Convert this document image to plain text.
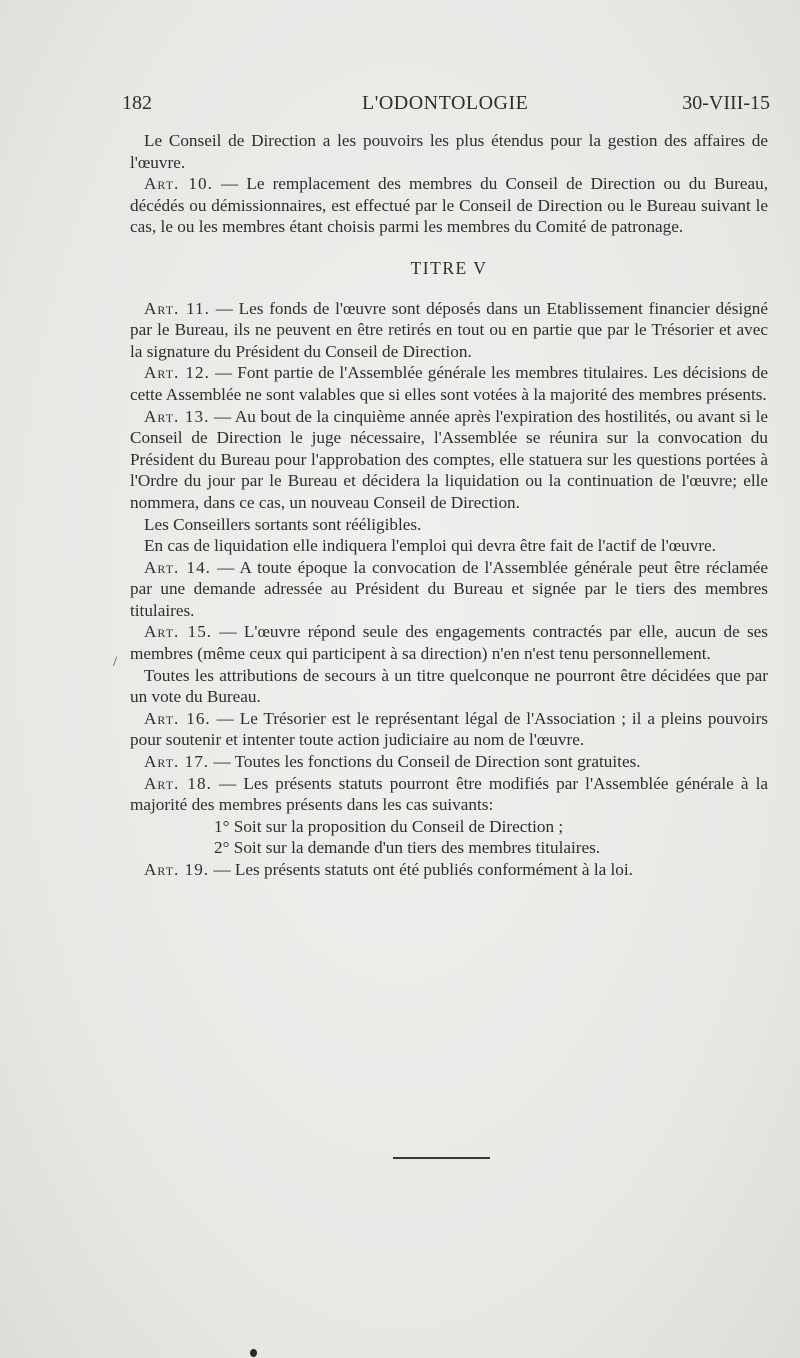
182	L'ODONTOLOGIE	30-VIII-15

Le Conseil de Direction a les pouvoirs les plus étendus pour la gestion des affaires de l'œuvre.

Art. 10. — Le remplacement des membres du Conseil de Direction ou du Bureau, décédés ou démissionnaires, est effectué par le Conseil de Direction ou le Bureau suivant le cas, le ou les membres étant choisis parmi les membres du Comité de patronage.

TITRE V

Art. 11. — Les fonds de l'œuvre sont déposés dans un Etablissement financier désigné par le Bureau, ils ne peuvent en être retirés en tout ou en partie que par le Trésorier et avec la signature du Président du Conseil de Direction.

Art. 12. — Font partie de l'Assemblée générale les membres titulaires. Les décisions de cette Assemblée ne sont valables que si elles sont votées à la majorité des membres présents.

Art. 13. — Au bout de la cinquième année après l'expiration des hostilités, ou avant si le Conseil de Direction le juge nécessaire, l'Assemblée se réunira sur la convocation du Président du Bureau pour l'approbation des comptes, elle statuera sur les questions portées à l'Ordre du jour par le Bureau et décidera la liquidation ou la continuation de l'œuvre; elle nommera, dans ce cas, un nouveau Conseil de Direction.

Les Conseillers sortants sont rééligibles.

En cas de liquidation elle indiquera l'emploi qui devra être fait de l'actif de l'œuvre.

Art. 14. — A toute époque la convocation de l'Assemblée générale peut être réclamée par une demande adressée au Président du Bureau et signée par le tiers des membres titulaires.

Art. 15. — L'œuvre répond seule des engagements contractés par elle, aucun de ses membres (même ceux qui participent à sa direction) n'en n'est tenu personnellement.

Toutes les attributions de secours à un titre quelconque ne pourront être décidées que par un vote du Bureau.

Art. 16. — Le Trésorier est le représentant légal de l'Association ; il a pleins pouvoirs pour soutenir et intenter toute action judiciaire au nom de l'œuvre.

Art. 17. — Toutes les fonctions du Conseil de Direction sont gratuites.

Art. 18. — Les présents statuts pourront être modifiés par l'Assemblée générale à la majorité des membres présents dans les cas suivants:

1° Soit sur la proposition du Conseil de Direction ;

2° Soit sur la demande d'un tiers des membres titulaires.

Art. 19. — Les présents statuts ont été publiés conformément à la loi.

/
